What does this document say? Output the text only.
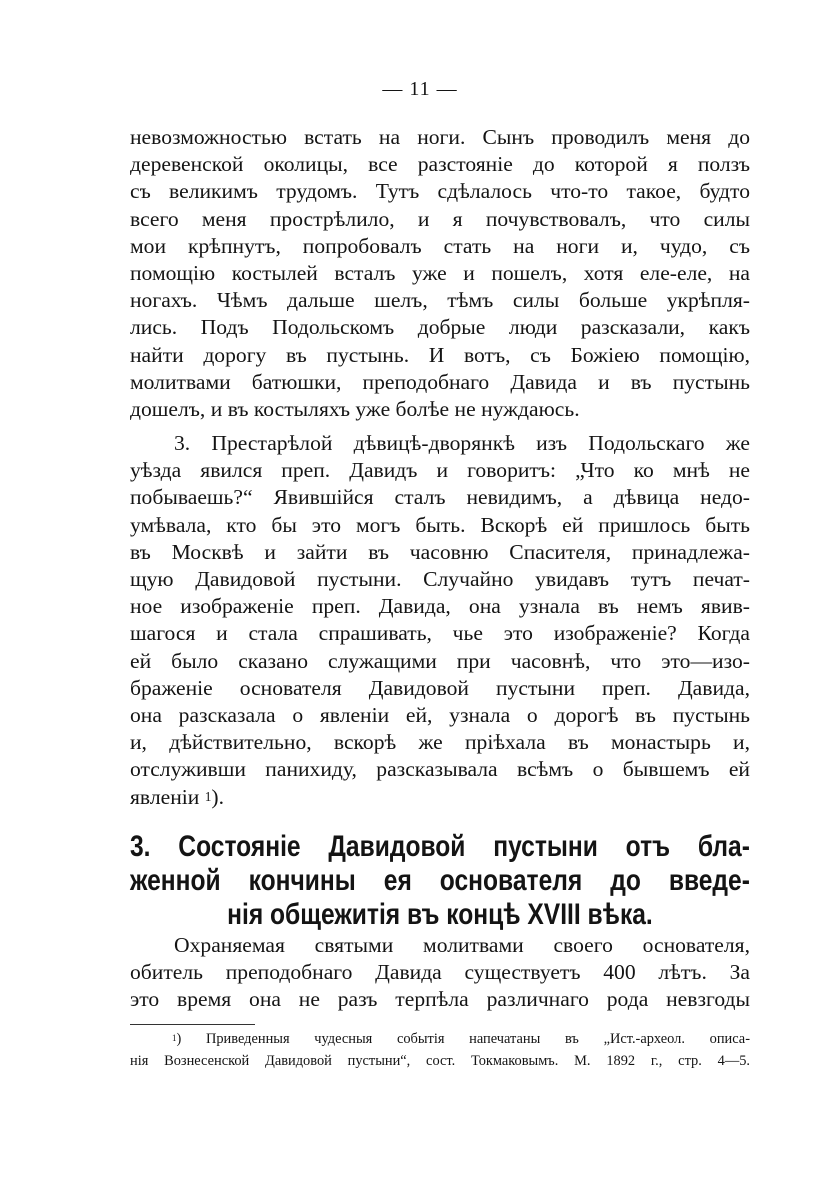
— 11 —
невозможностью встать на ноги. Сынъ проводилъ меня до
деревенской околицы, все разстояніе до которой я ползъ
съ великимъ трудомъ. Тутъ сдѣлалось что-то такое, будто
всего меня прострѣлило, и я почувствовалъ, что силы
мои крѣпнутъ, попробовалъ стать на ноги и, чудо, съ
помощію костылей всталъ уже и пошелъ, хотя еле-еле, на
ногахъ. Чѣмъ дальше шелъ, тѣмъ силы больше укрѣпля-
лись. Подъ Подольскомъ добрые люди разсказали, какъ
найти дорогу въ пустынь. И вотъ, съ Божіею помощію,
молитвами батюшки, преподобнаго Давида и въ пустынь
дошелъ, и въ костыляхъ уже болѣе не нуждаюсь.
3. Престарѣлой дѣвицѣ-дворянкѣ изъ Подольскаго же
уѣзда явился преп. Давидъ и говоритъ: „Что ко мнѣ не
побываешь?“ Явившійся сталъ невидимъ, а дѣвица недо-
умѣвала, кто бы это могъ быть. Вскорѣ ей пришлось быть
въ Москвѣ и зайти въ часовню Спасителя, принадлежа-
щую Давидовой пустыни. Случайно увидавъ тутъ печат-
ное изображеніе преп. Давида, она узнала въ немъ явив-
шагося и стала спрашивать, чье это изображеніе? Когда
ей было сказано служащими при часовнѣ, что это—изо-
браженіе основателя Давидовой пустыни преп. Давида,
она разсказала о явленіи ей, узнала о дорогѣ въ пустынь
и, дѣйствительно, вскорѣ же пріѣхала въ монастырь и,
отслуживши панихиду, разсказывала всѣмъ о бывшемъ ей
явленіи $^1$).
3. Состояніе Давидовой пустыни отъ бла-
женной кончины ея основателя до введе-
нія общежитія въ концѣ XVIII вѣка.
Охраняемая святыми молитвами своего основателя,
обитель преподобнаго Давида существуетъ 400 лѣтъ. За
это время она не разъ терпѣла различнаго рода невзгоды
$^1$) Приведенныя чудесныя событія напечатаны въ „Ист.-археол. описа-
нія Вознесенской Давидовой пустыни“, сост. Токмаковымъ. М. 1892 г., стр. 4—5.
